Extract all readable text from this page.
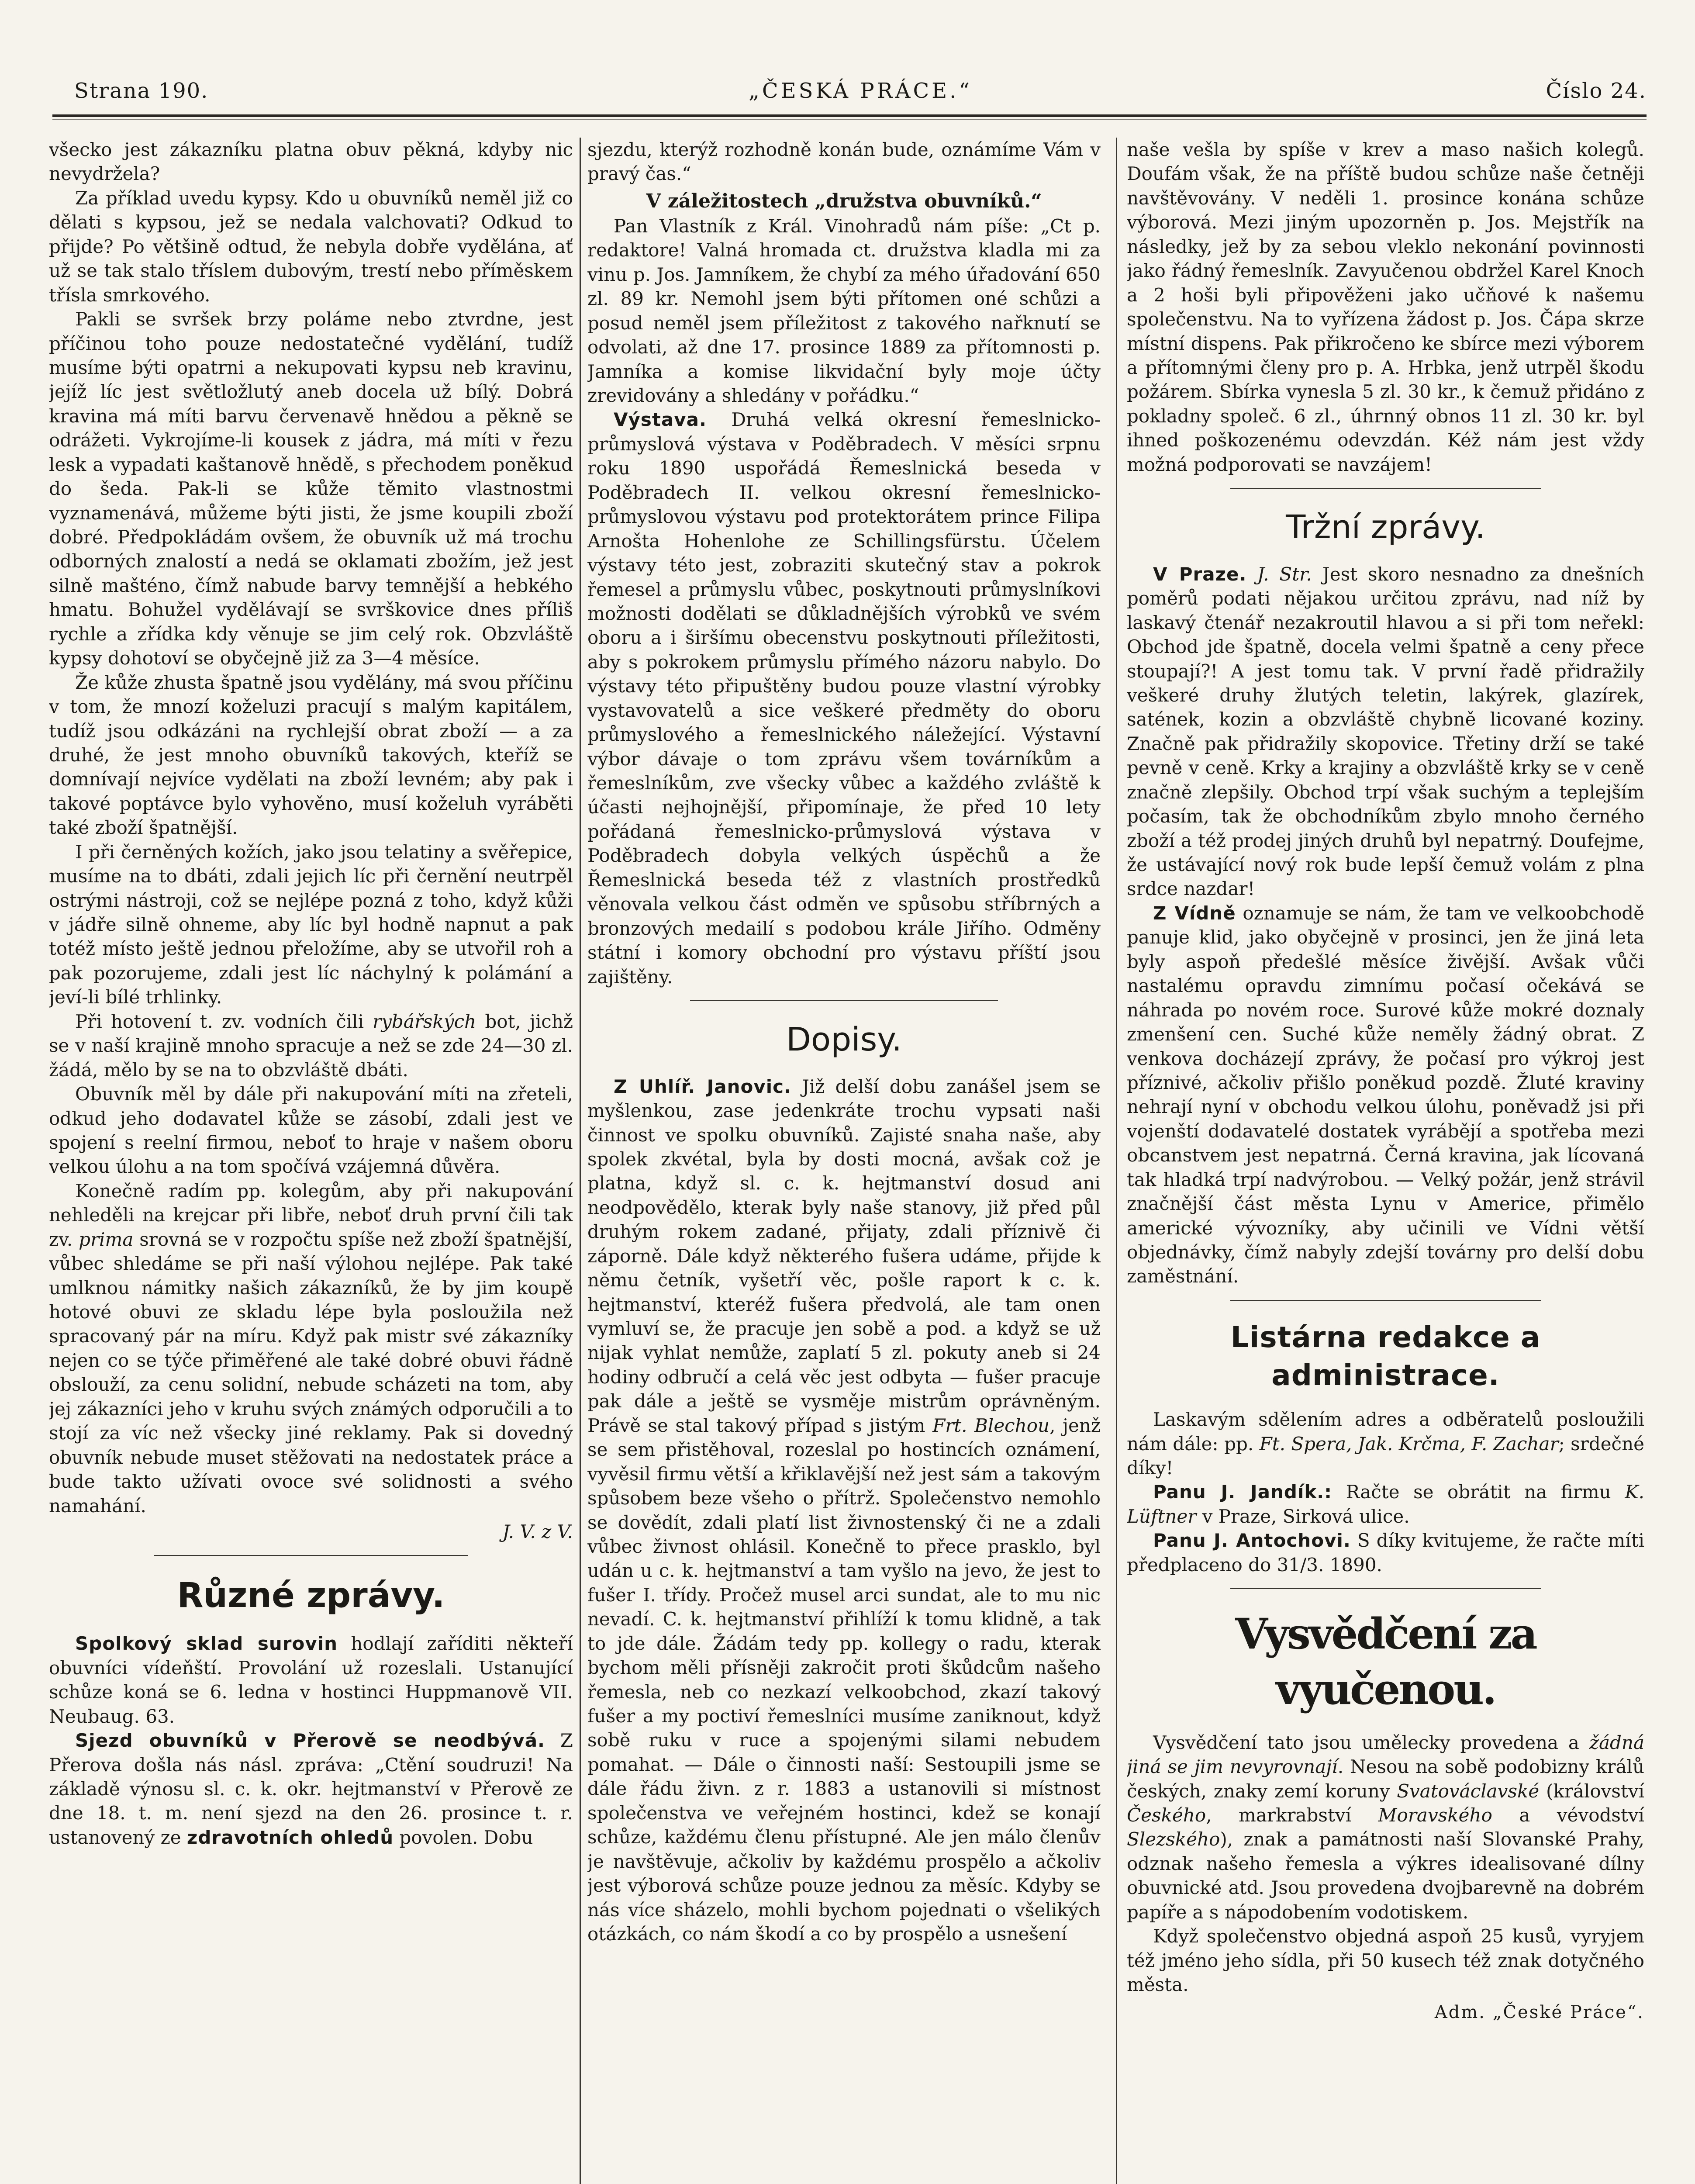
Strana 190.	„ČESKÁ PRÁCE.“	Číslo 24.

všecko jest zákazníku platna obuv pěkná, kdyby nic nevydržela?

Za příklad uvedu kypsy. Kdo u obuvníků neměl již co dělati s kypsou, jež se nedala valchovati? Odkud to přijde? Po většině odtud, že nebyla dobře vydělána, ať už se tak stalo tříslem dubovým, trestí nebo příměskem třísla smrkového.

Pakli se svršek brzy poláme nebo ztvrdne, jest příčinou toho pouze nedostatečné vydělání, tudíž musíme býti opatrni a nekupovati kypsu neb kravinu, jejíž líc jest světložlutý aneb docela už bílý. Dobrá kravina má míti barvu červenavě hnědou a pěkně se odrážeti. Vykrojíme-li kousek z jádra, má míti v řezu lesk a vypadati kaštanově hnědě, s přechodem poněkud do šeda. Pak-li se kůže těmito vlastnostmi vyznamenává, můžeme býti jisti, že jsme koupili zboží dobré. Předpokládám ovšem, že obuvník už má trochu odborných znalostí a nedá se oklamati zbožím, jež jest silně mašténo, čímž nabude barvy temnější a hebkého hmatu. Bohužel vydělávají se svrškovice dnes příliš rychle a zřídka kdy věnuje se jim celý rok. Obzvláště kypsy dohotoví se obyčejně již za 3—4 měsíce.

Že kůže zhusta špatně jsou vydělány, má svou příčinu v tom, že mnozí koželuzi pracují s malým kapitálem, tudíž jsou odkázáni na rychlejší obrat zboží — a za druhé, že jest mnoho obuvníků takových, kteříž se domnívají nejvíce vydělati na zboží levném; aby pak i takové poptávce bylo vyhověno, musí koželuh vyráběti také zboží špatnější.

I při černěných kožích, jako jsou telatiny a svěřepice, musíme na to dbáti, zdali jejich líc při černění neutrpěl ostrými nástroji, což se nejlépe pozná z toho, když kůži v jádře silně ohneme, aby líc byl hodně napnut a pak totéž místo ještě jednou přeložíme, aby se utvořil roh a pak pozorujeme, zdali jest líc náchylný k polámání a jeví-li bílé trhlinky.

Při hotovení t. zv. vodních čili rybářských bot, jichž se v naší krajině mnoho spracuje a než se zde 24—30 zl. žádá, mělo by se na to obzvláště dbáti.

Obuvník měl by dále při nakupování míti na zřeteli, odkud jeho dodavatel kůže se zásobí, zdali jest ve spojení s reelní firmou, neboť to hraje v našem oboru velkou úlohu a na tom spočívá vzájemná důvěra.

Konečně radím pp. kolegům, aby při nakupování nehleděli na krejcar při libře, neboť druh první čili tak zv. prima srovná se v rozpočtu spíše než zboží špatnější, vůbec shledáme se při naší výlohou nejlépe. Pak také umlknou námitky našich zákazníků, že by jim koupě hotové obuvi ze skladu lépe byla posloužila než spracovaný pár na míru. Když pak mistr své zákazníky nejen co se týče přiměřené ale také dobré obuvi řádně obslouží, za cenu solidní, nebude scházeti na tom, aby jej zákazníci jeho v kruhu svých známých odporučili a to stojí za víc než všecky jiné reklamy. Pak si dovedný obuvník nebude muset stěžovati na nedostatek práce a bude takto užívati ovoce své solidnosti a svého namahání.

J. V. z V.
Různé zprávy.

Spolkový sklad surovin hodlají zaříditi někteří obuvníci vídeňští. Provolání už rozeslali. Ustanující schůze koná se 6. ledna v hostinci Huppmanově VII. Neubaug. 63.

Sjezd obuvníků v Přerově se neodbývá. Z Přerova došla nás násl. zpráva: „Ctění soudruzi! Na základě výnosu sl. c. k. okr. hejtmanství v Přerově ze dne 18. t. m. není sjezd na den 26. prosince t. r. ustanovený ze zdravotních ohledů povolen. Dobu

sjezdu, kterýž rozhodně konán bude, oznámíme Vám v pravý čas.“

V záležitostech „družstva obuvníků.“

Pan Vlastník z Král. Vinohradů nám píše: „Ct p. redaktore! Valná hromada ct. družstva kladla mi za vinu p. Jos. Jamníkem, že chybí za mého úřadování 650 zl. 89 kr. Nemohl jsem býti přítomen oné schůzi a posud neměl jsem příležitost z takového nařknutí se odvolati, až dne 17. prosince 1889 za přítomnosti p. Jamníka a komise likvidační byly moje účty zrevidovány a shledány v pořádku.“

Výstava. Druhá velká okresní řemeslnicko-průmyslová výstava v Poděbradech. V měsíci srpnu roku 1890 uspořádá Řemeslnická beseda v Poděbradech II. velkou okresní řemeslnicko-průmyslovou výstavu pod protektorátem prince Filipa Arnošta Hohenlohe ze Schillingsfürstu. Účelem výstavy této jest, zobraziti skutečný stav a pokrok řemesel a průmyslu vůbec, poskytnouti průmyslníkovi možnosti dodělati se důkladnějších výrobků ve svém oboru a i širšímu obecenstvu poskytnouti příležitosti, aby s pokrokem průmyslu přímého názoru nabylo. Do výstavy této připuštěny budou pouze vlastní výrobky vystavovatelů a sice veškeré předměty do oboru průmyslového a řemeslnického náležející. Výstavní výbor dávaje o tom zprávu všem továrníkům a řemeslníkům, zve všecky vůbec a každého zvláště k účasti nejhojnější, připomínaje, že před 10 lety pořádaná řemeslnicko-průmyslová výstava v Poděbradech dobyla velkých úspěchů a že Řemeslnická beseda též z vlastních prostředků věnovala velkou část odměn ve spůsobu stříbrných a bronzových medailí s podobou krále Jiřího. Odměny státní i komory obchodní pro výstavu příští jsou zajištěny.

Dopisy.

Z Uhlíř. Janovic. Již delší dobu zanášel jsem se myšlenkou, zase jedenkráte trochu vypsati naši činnost ve spolku obuvníků. Zajisté snaha naše, aby spolek zkvétal, byla by dosti mocná, avšak což je platna, když sl. c. k. hejtmanství dosud ani neodpovědělo, kterak byly naše stanovy, již před půl druhým rokem zadané, přijaty, zdali příznivě či záporně. Dále když některého fušera udáme, přijde k němu četník, vyšetří věc, pošle raport k c. k. hejtmanství, kteréž fušera předvolá, ale tam onen vymluví se, že pracuje jen sobě a pod. a když se už nijak vyhlat nemůže, zaplatí 5 zl. pokuty aneb si 24 hodiny odbručí a celá věc jest odbyta — fušer pracuje pak dále a ještě se vysměje mistrům oprávněným. Právě se stal takový případ s jistým Frt. Blechou, jenž se sem přistěhoval, rozeslal po hostincích oznámení, vyvěsil firmu větší a křiklavější než jest sám a takovým spůsobem beze všeho o přítrž. Společenstvo nemohlo se dovědít, zdali platí list živnostenský či ne a zdali vůbec živnost ohlásil. Konečně to přece prasklo, byl udán u c. k. hejtmanství a tam vyšlo na jevo, že jest to fušer I. třídy. Pročež musel arci sundat, ale to mu nic nevadí. C. k. hejtmanství přihlíží k tomu klidně, a tak to jde dále. Žádám tedy pp. kollegy o radu, kterak bychom měli přísněji zakročit proti škůdcům našeho řemesla, neb co nezkazí velkoobchod, zkazí takový fušer a my poctiví řemeslníci musíme zaniknout, když sobě ruku v ruce a spojenými silami nebudem pomahat. — Dále o činnosti naší: Sestoupili jsme se dále řádu živn. z r. 1883 a ustanovili si místnost společenstva ve veřejném hostinci, kdež se konají schůze, každému členu přístupné. Ale jen málo členův je navštěvuje, ačkoliv by každému prospělo a ačkoliv jest výborová schůze pouze jednou za měsíc. Kdyby se nás více sházelo, mohli bychom pojednati o všelikých otázkách, co nám škodí a co by prospělo a usnešení

naše vešla by spíše v krev a maso našich kolegů. Doufám však, že na příště budou schůze naše četněji navštěvovány. V neděli 1. prosince konána schůze výborová. Mezi jiným upozorněn p. Jos. Mejstřík na následky, jež by za sebou vleklo nekonání povinnosti jako řádný řemeslník. Zavyučenou obdržel Karel Knoch a 2 hoši byli připověženi jako učňové k našemu společenstvu. Na to vyřízena žádost p. Jos. Čápa skrze místní dispens. Pak přikročeno ke sbírce mezi výborem a přítomnými členy pro p. A. Hrbka, jenž utrpěl škodu požárem. Sbírka vynesla 5 zl. 30 kr., k čemuž přidáno z pokladny společ. 6 zl., úhrnný obnos 11 zl. 30 kr. byl ihned poškozenému odevzdán. Kéž nám jest vždy možná podporovati se navzájem!

Tržní zprávy.

V Praze. J. Str. Jest skoro nesnadno za dnešních poměrů podati nějakou určitou zprávu, nad níž by laskavý čtenář nezakroutil hlavou a si při tom neřekl: Obchod jde špatně, docela velmi špatně a ceny přece stoupají?! A jest tomu tak. V první řadě přidražily veškeré druhy žlutých teletin, lakýrek, glazírek, satének, kozin a obzvláště chybně licované koziny. Značně pak přidražily skopovice. Třetiny drží se také pevně v ceně. Krky a krajiny a obzvláště krky se v ceně značně zlepšily. Obchod trpí však suchým a teplejším počasím, tak že obchodníkům zbylo mnoho černého zboží a též prodej jiných druhů byl nepatrný. Doufejme, že ustávající nový rok bude lepší čemuž volám z plna srdce nazdar!

Z Vídně oznamuje se nám, že tam ve velkoobchodě panuje klid, jako obyčejně v prosinci, jen že jiná leta byly aspoň předešlé měsíce živější. Avšak vůči nastalému opravdu zimnímu počasí očekává se náhrada po novém roce. Surové kůže mokré doznaly zmenšení cen. Suché kůže neměly žádný obrat. Z venkova docházejí zprávy, že počasí pro výkroj jest příznivé, ačkoliv přišlo poněkud pozdě. Žluté kraviny nehrají nyní v obchodu velkou úlohu, poněvadž jsi při vojenští dodavatelé dostatek vyrábějí a spotřeba mezi obcanstvem jest nepatrná. Černá kravina, jak lícovaná tak hladká trpí nadvýrobou. — Velký požár, jenž strávil značnější část města Lynu v Americe, přimělo americké vývozníky, aby učinili ve Vídni větší objednávky, čímž nabyly zdejší továrny pro delší dobu zaměstnání.

Listárna redakce a administrace.

Laskavým sdělením adres a odběratelů posloužili nám dále: pp. Ft. Spera, Jak. Krčma, F. Zachar; srdečné díky!

Panu J. Jandík.: Račte se obrátit na firmu K. Lüftner v Praze, Sirková ulice.

Panu J. Antochovi. S díky kvitujeme, že račte míti předplaceno do 31/3. 1890.

Vysvědčení za vyučenou.

Vysvědčení tato jsou umělecky provedena a žádná jiná se jim nevyrovnají. Nesou na sobě podobizny králů českých, znaky zemí koruny Svatováclavské (království Českého, markrabství Moravského a vévodství Slezského), znak a památnosti naší Slovanské Prahy, odznak našeho řemesla a výkres idealisované dílny obuvnické atd. Jsou provedena dvojbarevně na dobrém papíře a s nápodobením vodotiskem.

Když společenstvo objedná aspoň 25 kusů, vyryjem též jméno jeho sídla, při 50 kusech též znak dotyčného města.

Adm. „České Práce“.
